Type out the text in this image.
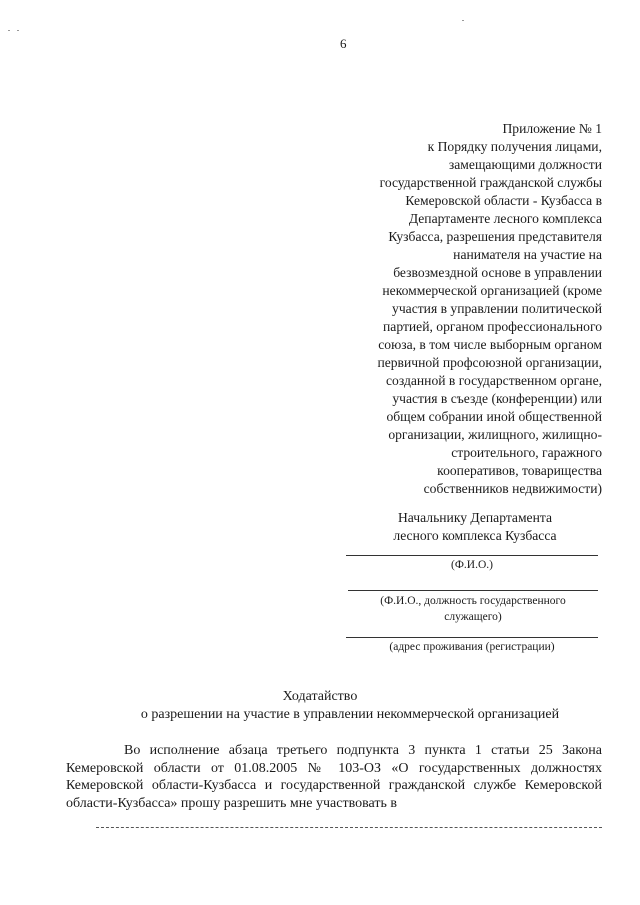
6
Приложение № 1
к Порядку получения лицами,
замещающими должности
государственной гражданской службы
Кемеровской области - Кузбасса в
Департаменте лесного комплекса
Кузбасса, разрешения представителя
нанимателя на участие на
безвозмездной основе в управлении
некоммерческой организацией (кроме
участия в управлении политической
партией, органом профессионального
союза, в том числе выборным органом
первичной профсоюзной организации,
созданной в государственном органе,
участия в съезде (конференции) или
общем собрании иной общественной
организации, жилищного, жилищно-
строительного, гаражного
кооперативов, товарищества
собственников недвижимости)
Начальнику Департамента
лесного комплекса Кузбасса
(Ф.И.О.)
(Ф.И.О., должность государственного
служащего)
(адрес проживания (регистрации)
Ходатайство
о разрешении на участие в управлении некоммерческой организацией
Во исполнение абзаца третьего подпункта 3 пункта 1 статьи 25 Закона Кемеровской области от 01.08.2005 № 103-ОЗ «О государственных должностях Кемеровской области-Кузбасса и государственной гражданской службе Кемеровской области-Кузбасса» прошу разрешить мне участвовать в
